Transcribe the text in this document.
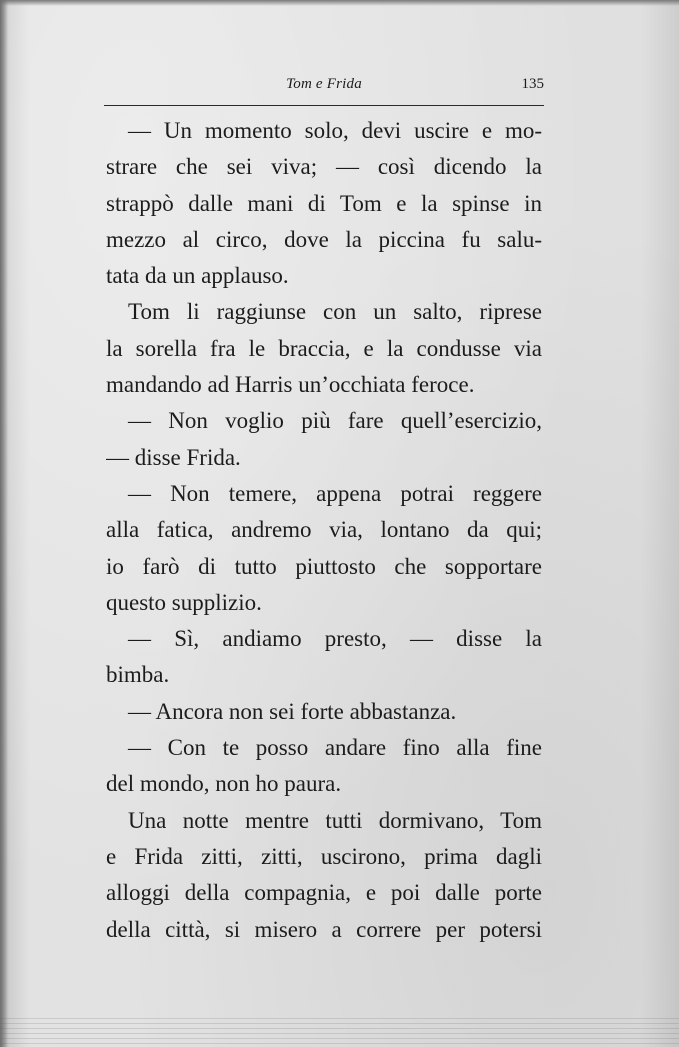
Tom e Frida	135
— Un momento solo, devi uscire e mo-
strare che sei viva; — così dicendo la
strappò dalle mani di Tom e la spinse in
mezzo al circo, dove la piccina fu salu-
tata da un applauso.
Tom li raggiunse con un salto, riprese
la sorella fra le braccia, e la condusse via
mandando ad Harris un’occhiata feroce.
— Non voglio più fare quell’esercizio,
— disse Frida.
— Non temere, appena potrai reggere
alla fatica, andremo via, lontano da qui;
io farò di tutto piuttosto che sopportare
questo supplizio.
— Sì, andiamo presto, — disse la
bimba.
— Ancora non sei forte abbastanza.
— Con te posso andare fino alla fine
del mondo, non ho paura.
Una notte mentre tutti dormivano, Tom
e Frida zitti, zitti, uscirono, prima dagli
alloggi della compagnia, e poi dalle porte
della città, si misero a correre per potersi
